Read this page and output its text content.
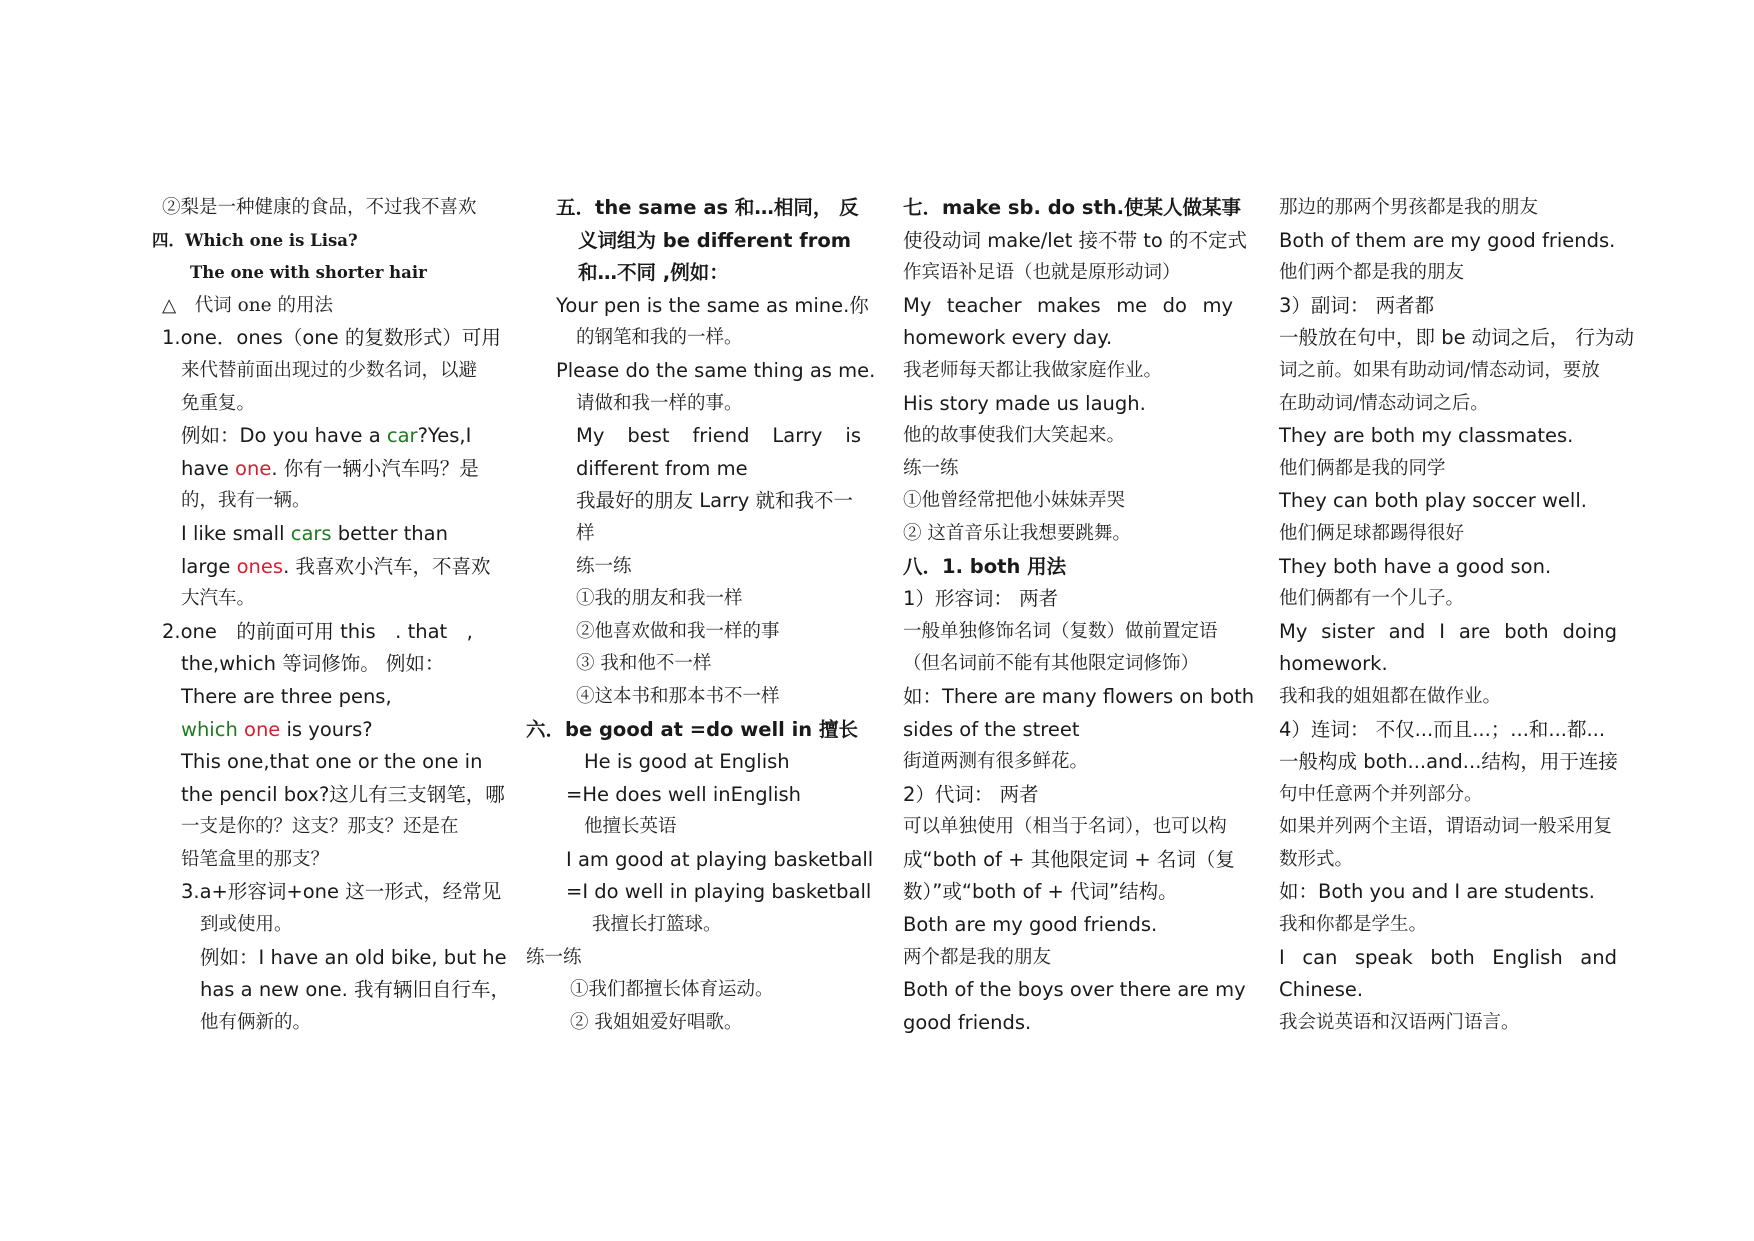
②梨是一种健康的食品，不过我不喜欢
四．Which one is Lisa?
The one with shorter hair
△　代词 one 的用法
1.one．ones（one 的复数形式）可用
来代替前面出现过的少数名词，以避
免重复。
例如：Do you have a car?Yes,I
have one. 你有一辆小汽车吗？是
的，我有一辆。
I like small cars better than
large ones. 我喜欢小汽车，不喜欢
大汽车。
2.one　的前面可用 this　. that　,
the,which 等词修饰。 例如：
There are three pens,
which one is yours?
This one,that one or the one in
the pencil box?这儿有三支钢笔，哪
一支是你的？这支？那支？还是在
铅笔盒里的那支？
3.a+形容词+one 这一形式，经常见
到或使用。
例如：I have an old bike, but he
has a new one. 我有辆旧自行车，
他有俩新的。
五．the same as 和…相同， 反
义词组为 be different from
和…不同 ,例如：
Your pen is the same as mine.你
的钢笔和我的一样。
Please do the same thing as me.
请做和我一样的事。
My best friend Larry is
different from me
我最好的朋友 Larry 就和我不一
样
练一练
①我的朋友和我一样
②他喜欢做和我一样的事
③ 我和他不一样
④这本书和那本书不一样
六．be good at =do well in 擅长
He is good at English
=He does well inEnglish
他擅长英语
I am good at playing basketball
=I do well in playing basketball
我擅长打篮球。
练一练
①我们都擅长体育运动。
② 我姐姐爱好唱歌。
七．make sb. do sth.使某人做某事
使役动词 make/let 接不带 to 的不定式
作宾语补足语（也就是原形动词）
My teacher makes me do my
homework every day.
我老师每天都让我做家庭作业。
His story made us laugh.
他的故事使我们大笑起来。
练一练
①他曾经常把他小妹妹弄哭
② 这首音乐让我想要跳舞。
八．1. both 用法
1）形容词： 两者
一般单独修饰名词（复数）做前置定语
（但名词前不能有其他限定词修饰）
如：There are many flowers on both
sides of the street
街道两测有很多鲜花。
2）代词： 两者
可以单独使用（相当于名词），也可以构
成“both of + 其他限定词 + 名词（复
数）”或“both of + 代词”结构。
Both are my good friends.
两个都是我的朋友
Both of the boys over there are my
good friends.
那边的那两个男孩都是我的朋友
Both of them are my good friends.
他们两个都是我的朋友
3）副词： 两者都
一般放在句中，即 be 动词之后， 行为动
词之前。如果有助动词/情态动词，要放
在助动词/情态动词之后。
They are both my classmates.
他们俩都是我的同学
They can both play soccer well.
他们俩足球都踢得很好
They both have a good son.
他们俩都有一个儿子。
My sister and I are both doing
homework.
我和我的姐姐都在做作业。
4）连词： 不仅...而且...；...和...都...
一般构成 both...and...结构，用于连接
句中任意两个并列部分。
如果并列两个主语，谓语动词一般采用复
数形式。
如：Both you and I are students.
我和你都是学生。
I can speak both English and
Chinese.
我会说英语和汉语两门语言。
